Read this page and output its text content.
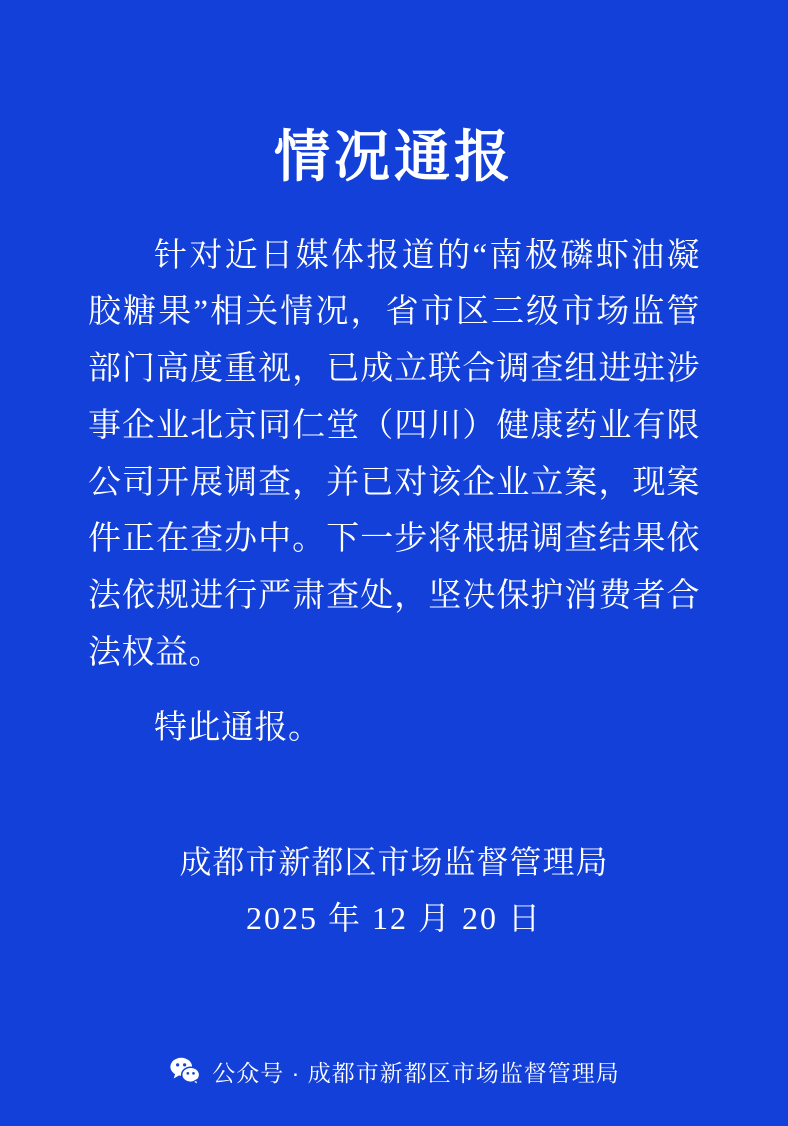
情况通报

针对近日媒体报道的“南极磷虾油凝胶糖果”相关情况，省市区三级市场监管部门高度重视，已成立联合调查组进驻涉事企业北京同仁堂（四川）健康药业有限公司开展调查，并已对该企业立案，现案件正在查办中。下一步将根据调查结果依法依规进行严肃查处，坚决保护消费者合法权益。

特此通报。

成都市新都区市场监督管理局
2025 年 12 月 20 日
公众号 · 成都市新都区市场监督管理局
